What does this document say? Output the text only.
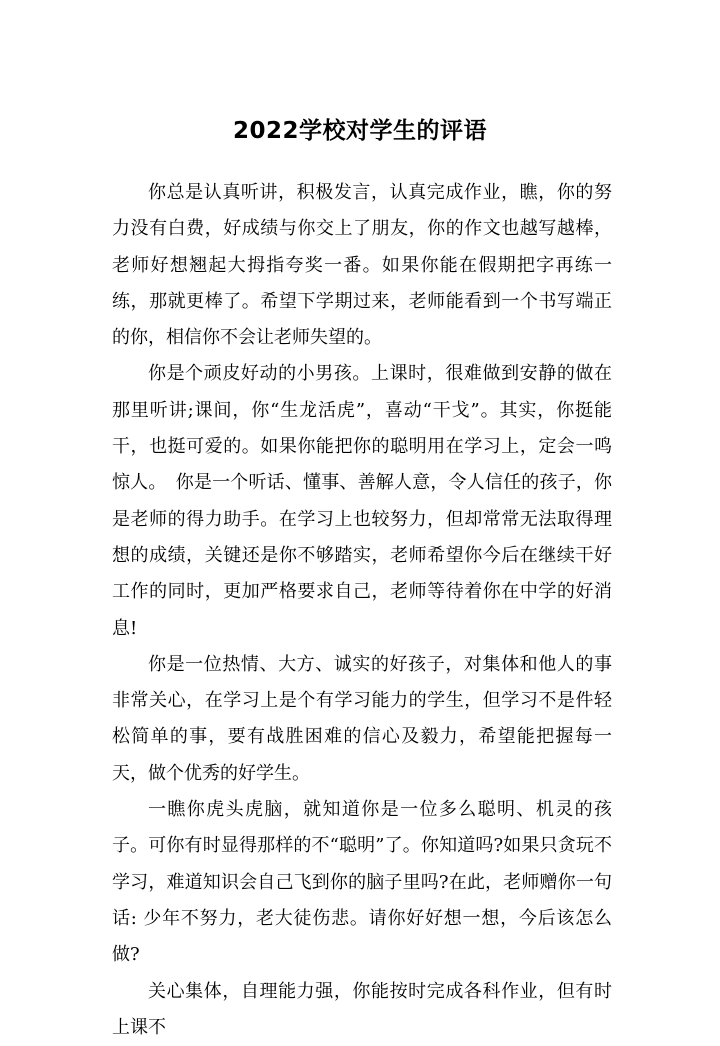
2022学校对学生的评语

你总是认真听讲，积极发言，认真完成作业，瞧，你的努力没有白费，好成绩与你交上了朋友，你的作文也越写越棒，老师好想翘起大拇指夸奖一番。如果你能在假期把字再练一练，那就更棒了。希望下学期过来，老师能看到一个书写端正的你，相信你不会让老师失望的。

你是个顽皮好动的小男孩。上课时，很难做到安静的做在那里听讲;课间，你“生龙活虎”，喜动“干戈”。其实，你挺能干，也挺可爱的。如果你能把你的聪明用在学习上，定会一鸣惊人。 你是一个听话、懂事、善解人意，令人信任的孩子，你是老师的得力助手。在学习上也较努力，但却常常无法取得理想的成绩，关键还是你不够踏实，老师希望你今后在继续干好工作的同时，更加严格要求自己，老师等待着你在中学的好消息!

你是一位热情、大方、诚实的好孩子，对集体和他人的事非常关心，在学习上是个有学习能力的学生，但学习不是件轻松简单的事，要有战胜困难的信心及毅力，希望能把握每一天，做个优秀的好学生。

一瞧你虎头虎脑，就知道你是一位多么聪明、机灵的孩子。可你有时显得那样的不“聪明”了。你知道吗?如果只贪玩不学习，难道知识会自己飞到你的脑子里吗?在此，老师赠你一句话: 少年不努力，老大徒伤悲。请你好好想一想，今后该怎么做?

关心集体，自理能力强，你能按时完成各科作业，但有时上课不
